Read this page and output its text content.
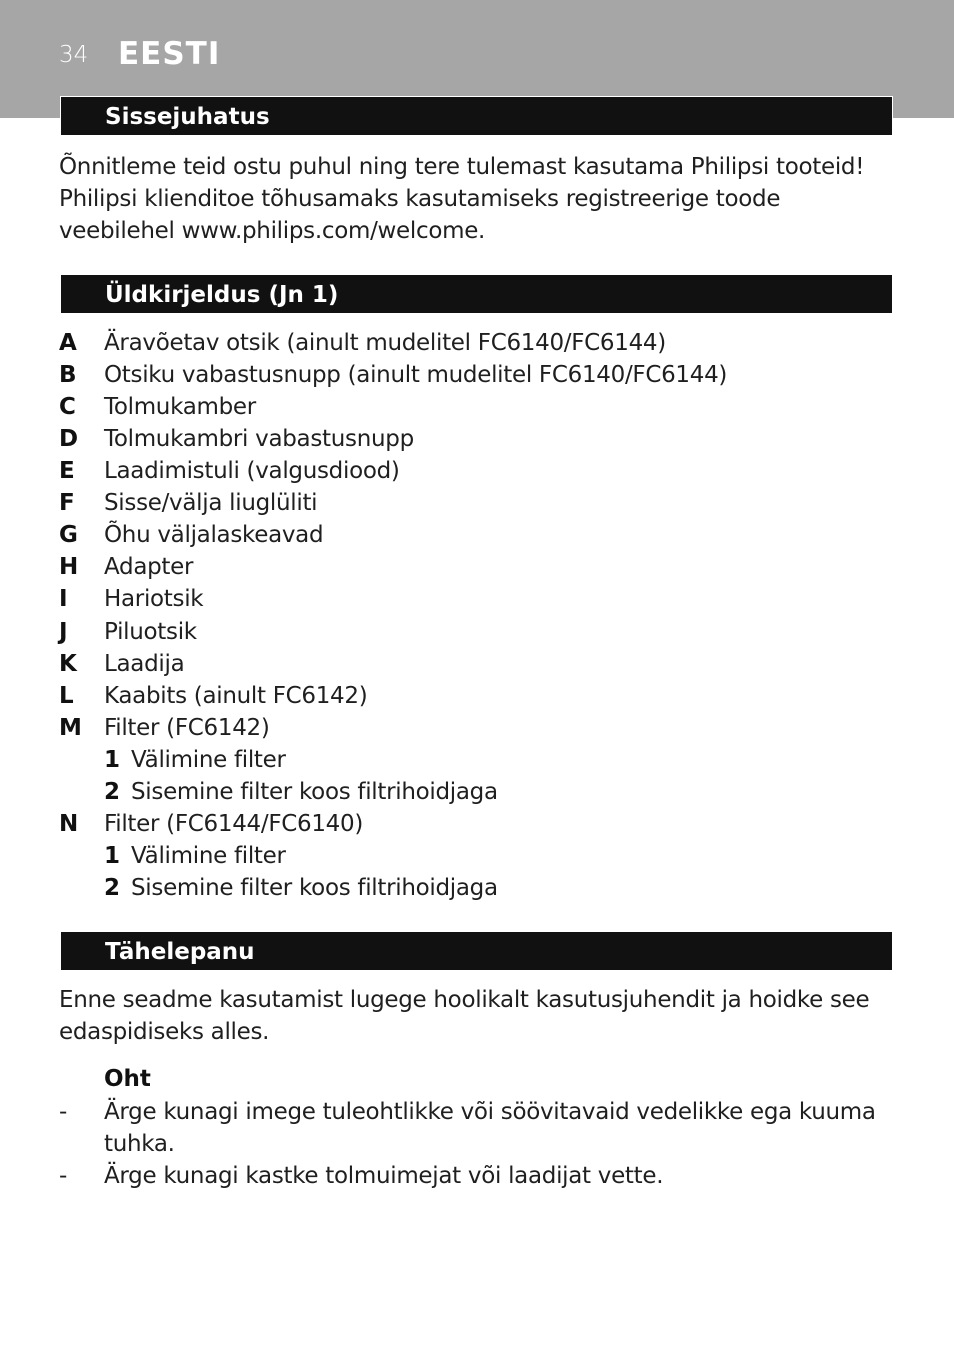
34 EESTI
Sissejuhatus
Õnnitleme teid ostu puhul ning tere tulemast kasutama Philipsi tooteid! Philipsi klienditoe tõhusamaks kasutamiseks registreerige toode veebilehel www.philips.com/welcome.
Üldkirjeldus (Jn 1)
A Äravõetav otsik (ainult mudelitel FC6140/FC6144)
B Otsiku vabastusnupp (ainult mudelitel FC6140/FC6144)
C Tolmukamber
D Tolmukambri vabastusnupp
E Laadimistuli (valgusdiood)
F Sisse/välja liuglüliti
G Õhu väljalaskeavad
H Adapter
I Hariotsik
J Piluotsik
K Laadija
L Kaabits (ainult FC6142)
M Filter (FC6142)
1 Välimine filter
2 Sisemine filter koos filtrihoidjaga
N Filter (FC6144/FC6140)
1 Välimine filter
2 Sisemine filter koos filtrihoidjaga
Tähelepanu
Enne seadme kasutamist lugege hoolikalt kasutusjuhendit ja hoidke see edaspidiseks alles.
Oht
- Ärge kunagi imege tuleohtlikke või söövitavaid vedelikke ega kuuma tuhka.
- Ärge kunagi kastke tolmuimejat või laadijat vette.
